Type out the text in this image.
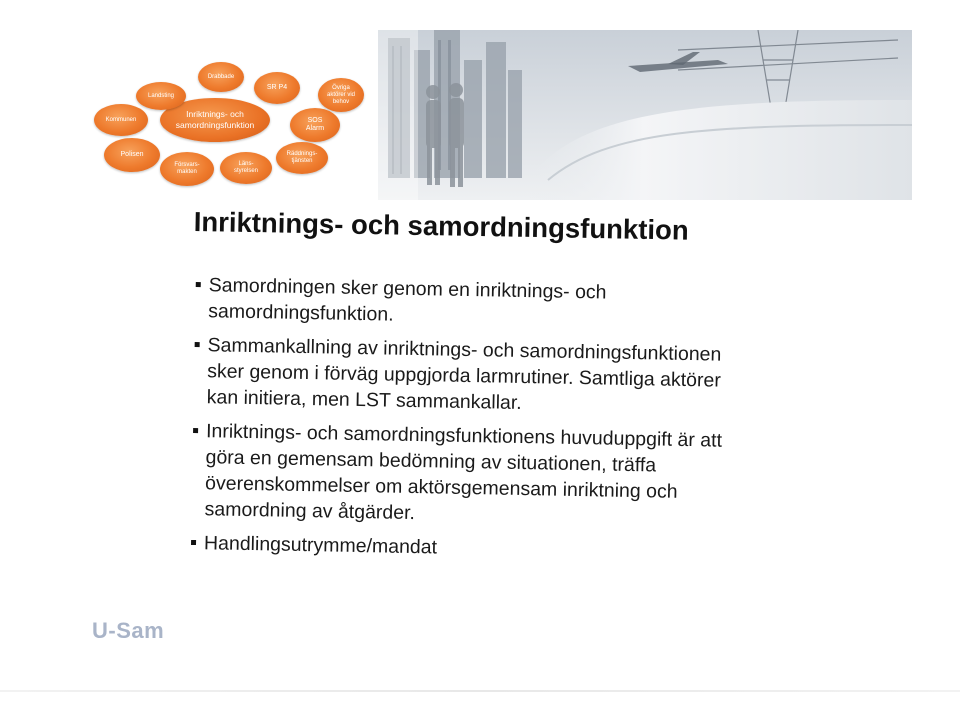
Inriktnings- och samordningsfunktion
Drabbade
SR P4	Övriga aktörer vid behov
SOS Alarm
Räddnings-tjänsten
Läns-styrelsen
Försvars-makten
Polisen
Kommunen
Landsting
Inriktnings- och samordningsfunktion
Samordningen sker genom en inriktnings- och
samordningsfunktion.
Sammankallning av inriktnings- och samordningsfunktionen
sker genom i förväg uppgjorda larmrutiner. Samtliga aktörer
kan initiera, men LST sammankallar.
Inriktnings- och samordningsfunktionens huvuduppgift är att
göra en gemensam bedömning av situationen, träffa
överenskommelser om aktörsgemensam inriktning och
samordning av åtgärder.
Handlingsutrymme/mandat
U-Sam
